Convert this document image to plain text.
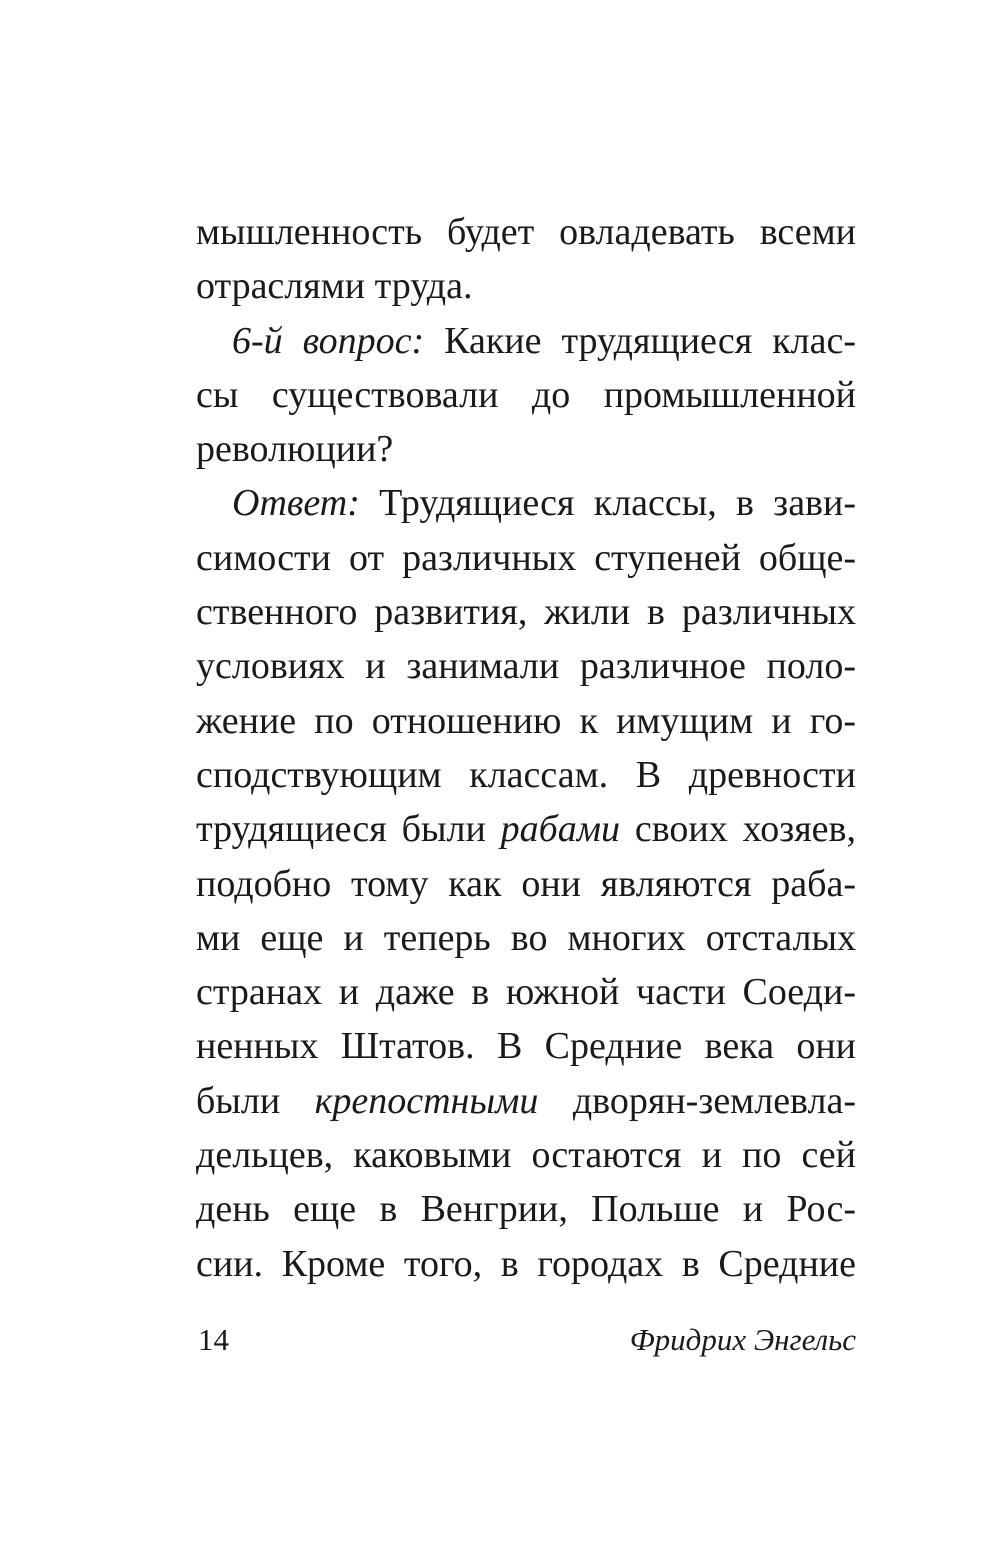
мышленность будет овладевать всеми
отраслями труда.
6-й вопрос: Какие трудящиеся клас-
сы существовали до промышленной
революции?
Ответ: Трудящиеся классы, в зави-
симости от различных ступеней обще-
ственного развития, жили в различных
условиях и занимали различное поло-
жение по отношению к имущим и го-
сподствующим классам. В древности
трудящиеся были рабами своих хозяев,
подобно тому как они являются раба-
ми еще и теперь во многих отсталых
странах и даже в южной части Соеди-
ненных Штатов. В Средние века они
были крепостными дворян-землевла-
дельцев, каковыми остаются и по сей
день еще в Венгрии, Польше и Рос-
сии. Кроме того, в городах в Средние
14	Фридрих Энгельс
